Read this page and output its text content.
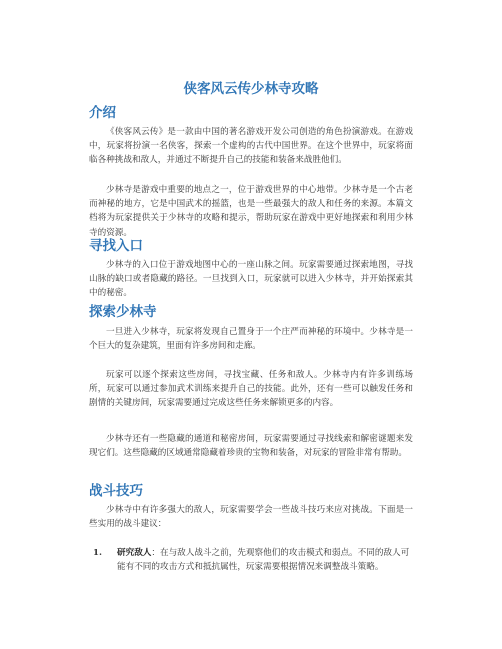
侠客风云传少林寺攻略
介绍

《侠客风云传》是一款由中国的著名游戏开发公司创造的角色扮演游戏。在游戏中，玩家将扮演一名侠客，探索一个虚构的古代中国世界。在这个世界中，玩家将面临各种挑战和敌人，并通过不断提升自己的技能和装备来战胜他们。

少林寺是游戏中重要的地点之一，位于游戏世界的中心地带。少林寺是一个古老而神秘的地方，它是中国武术的摇篮，也是一些最强大的敌人和任务的来源。本篇文档将为玩家提供关于少林寺的攻略和提示，帮助玩家在游戏中更好地探索和利用少林寺的资源。

寻找入口

少林寺的入口位于游戏地图中心的一座山脉之间。玩家需要通过探索地图，寻找山脉的缺口或者隐藏的路径。一旦找到入口，玩家就可以进入少林寺，并开始探索其中的秘密。

探索少林寺

一旦进入少林寺，玩家将发现自己置身于一个庄严而神秘的环境中。少林寺是一个巨大的复杂建筑，里面有许多房间和走廊。

玩家可以逐个探索这些房间，寻找宝藏、任务和敌人。少林寺内有许多训练场所，玩家可以通过参加武术训练来提升自己的技能。此外，还有一些可以触发任务和剧情的关键房间，玩家需要通过完成这些任务来解锁更多的内容。

少林寺还有一些隐藏的通道和秘密房间，玩家需要通过寻找线索和解密谜题来发现它们。这些隐藏的区域通常隐藏着珍贵的宝物和装备，对玩家的冒险非常有帮助。

战斗技巧

少林寺中有许多强大的敌人，玩家需要学会一些战斗技巧来应对挑战。下面是一些实用的战斗建议：

1. 研究敌人：在与敌人战斗之前，先观察他们的攻击模式和弱点。不同的敌人可能有不同的攻击方式和抵抗属性，玩家需要根据情况来调整战斗策略。
